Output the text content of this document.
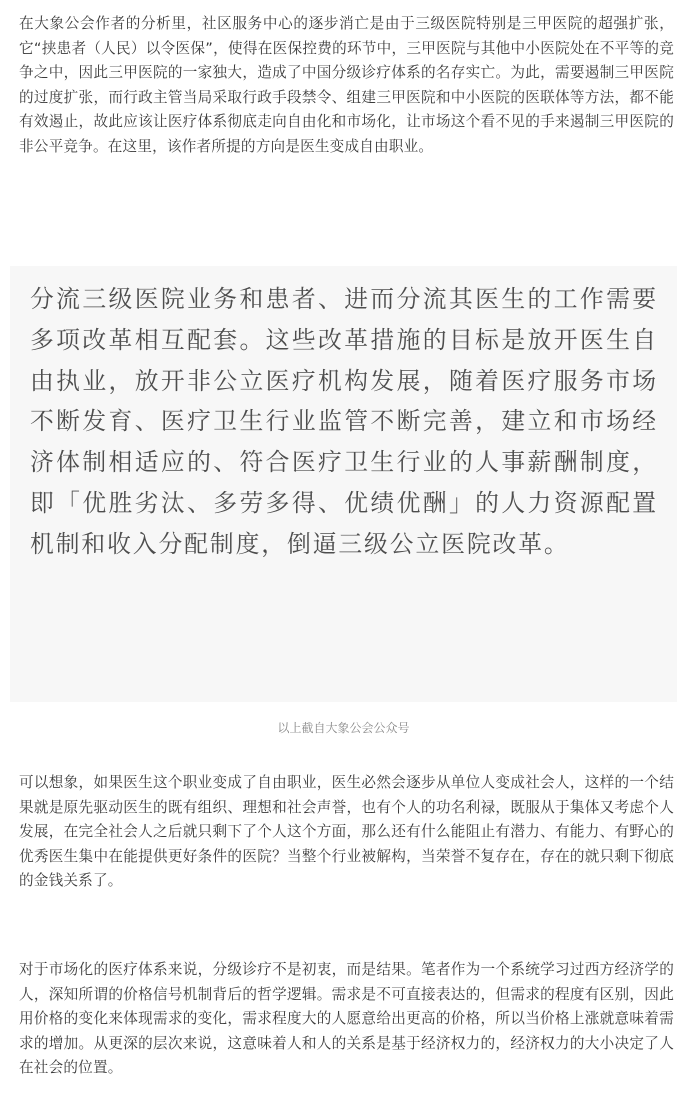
在大象公会作者的分析里，社区服务中心的逐步消亡是由于三级医院特别是三甲医院的超强扩张，它“挟患者（人民）以令医保”，使得在医保控费的环节中，三甲医院与其他中小医院处在不平等的竞争之中，因此三甲医院的一家独大，造成了中国分级诊疗体系的名存实亡。为此，需要遏制三甲医院的过度扩张，而行政主管当局采取行政手段禁令、组建三甲医院和中小医院的医联体等方法，都不能有效遏止，故此应该让医疗体系彻底走向自由化和市场化，让市场这个看不见的手来遏制三甲医院的非公平竞争。在这里，该作者所提的方向是医生变成自由职业。

分流三级医院业务和患者、进而分流其医生的工作需要多项改革相互配套。这些改革措施的目标是放开医生自由执业，放开非公立医疗机构发展，随着医疗服务市场不断发育、医疗卫生行业监管不断完善，建立和市场经济体制相适应的、符合医疗卫生行业的人事薪酬制度，即「优胜劣汰、多劳多得、优绩优酬」的人力资源配置机制和收入分配制度，倒逼三级公立医院改革。

以上截自大象公会公众号

可以想象，如果医生这个职业变成了自由职业，医生必然会逐步从单位人变成社会人，这样的一个结果就是原先驱动医生的既有组织、理想和社会声誉，也有个人的功名利禄，既服从于集体又考虑个人发展，在完全社会人之后就只剩下了个人这个方面，那么还有什么能阻止有潜力、有能力、有野心的优秀医生集中在能提供更好条件的医院？当整个行业被解构，当荣誉不复存在，存在的就只剩下彻底的金钱关系了。

对于市场化的医疗体系来说，分级诊疗不是初衷，而是结果。笔者作为一个系统学习过西方经济学的人，深知所谓的价格信号机制背后的哲学逻辑。需求是不可直接表达的，但需求的程度有区别，因此用价格的变化来体现需求的变化，需求程度大的人愿意给出更高的价格，所以当价格上涨就意味着需求的增加。从更深的层次来说，这意味着人和人的关系是基于经济权力的，经济权力的大小决定了人在社会的位置。
